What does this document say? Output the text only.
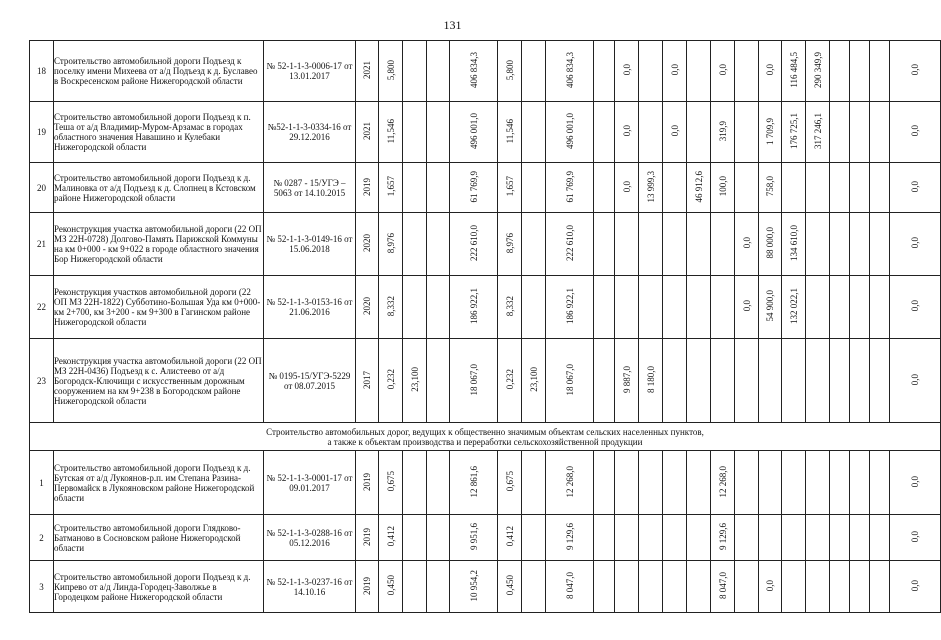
131
18	Строительство автомобильной дороги Подъезд к поселку имени Михеева от а/д Подъезд к д. Буславео в Воскресенском районе Нижегородской области	№ 52-1-1-3-0006-17 от 13.01.2017	2021	5,800			406 834,3	5,800		406 834,3		0,0		0,0		0,0		0,0	116 484,5	290 349,9				0,0
19	Строительство автомобильной дороги Подъезд к п. Теша от а/д Владимир-Муром-Арзамас в городах областного значения Навашино и Кулебаки Нижегородской области	№52-1-1-3-0334-16 от 29.12.2016	2021	11,546			496 001,0	11,546		496 001,0		0,0		0,0		319,9		1 709,9	176 725,1	317 246,1				0,0
20	Строительство автомобильной дороги Подъезд к д. Малиновка от а/д Подъезд к д. Слопнец в Кстовском районе Нижегородской области	№ 0287 - 15/УГЭ – 5063 от 14.10.2015	2019	1,657			61 769,9	1,657		61 769,9		0,0	13 999,3		46 912,6	100,0		758,0						0,0
21	Реконструкция участка автомобильной дороги (22 ОП МЗ 22Н-0728) Долгово-Память Парижской Коммуны на км 0+000 - км 9+022 в городе областного значения Бор Нижегородской области	№ 52-1-1-3-0149-16 от 15.06.2018	2020	8,976			222 610,0	8,976		222 610,0							0,0	88 000,0	134 610,0					0,0
22	Реконструкция участков автомобильной дороги (22 ОП МЗ 22Н-1822) Субботино-Большая Уда км 0+000- км 2+700, км 3+200 - км 9+300 в Гагинском районе Нижегородской области	№ 52-1-1-3-0153-16 от 21.06.2016	2020	8,332			186 922,1	8,332		186 922,1							0,0	54 900,0	132 022,1					0,0
23	Реконструкция участка автомобильной дороги (22 ОП МЗ 22Н-0436) Подъезд к с. Алистеево от а/д Богородск-Ключищи с искусственным дорожным сооружением на км 9+238 в Богородском районе Нижегородской области	№ 0195-15/УГЭ-5229 от 08.07.2015	2017	0,232	23,100		18 067,0	0,232	23,100	18 067,0		9 887,0	8 180,0											0,0

Строительство автомобильных дорог, ведущих к общественно значимым объектам сельских населенных пунктов,
а также к объектам производства и переработки сельскохозяйственной продукции																								

1	Строительство автомобильной дороги Подъезд к д. Бутская от а/д Лукоянов-р.п. им Степана Разина-Первомайск в Лукояновском районе Нижегородской области	№ 52-1-1-3-0001-17 от 09.01.2017	2019	0,675			12 861,6	0,675		12 268,0						12 268,0								0,0
2	Строительство автомобильной дороги Глядково-Батманово в Сосновском районе Нижегородской области	№ 52-1-1-3-0288-16 от 05.12.2016	2019	0,412			9 951,6	0,412		9 129,6						9 129,6								0,0
3	Строительство автомобильной дороги Подъезд к д. Кипрево от а/д Линда-Городец-Заволжье в Городецком районе Нижегородской области	№ 52-1-1-3-0237-16 от 14.10.16	2019	0,450			10 954,2	0,450		8 047,0						8 047,0		0,0						0,0
